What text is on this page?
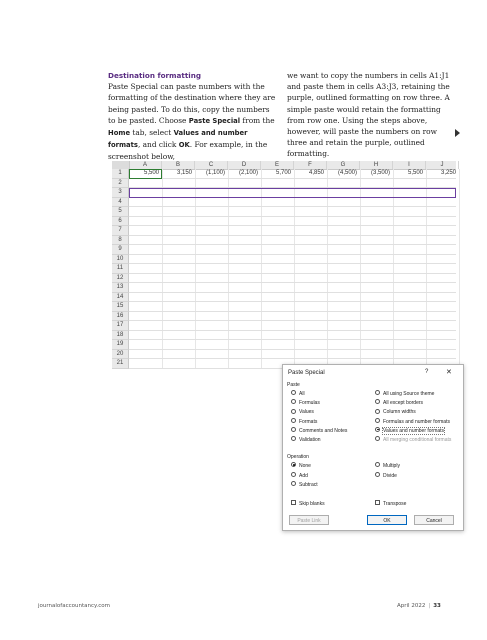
Destination formatting

Paste Special can paste numbers with the formatting of the destination where they are being pasted. To do this, copy the numbers to be pasted. Choose Paste Special from the Home tab, select Values and number formats, and click OK. For example, in the screenshot below,

we want to copy the numbers in cells A1:J1 and paste them in cells A3:J3, retaining the purple, outlined formatting on row three. A simple paste would retain the formatting from row one. Using the steps above, however, will paste the numbers on row three and retain the purple, outlined formatting.

A	B	C	D	E	F	G	H	I	J
1	5,500	3,150	(1,100)	(2,100)	5,700	4,850	(4,500)	(3,500)	5,500	3,250
2
3
4
5
6
7
8
9
10
11
12
13
14
15
16
17
18
19
20
21
Paste Special	?	✕
Paste
All
Formulas
Values
Formats
Comments and Notes
Validation
All using Source theme
All except borders
Column widths
Formulas and number formats
Values and number formats
All merging conditional formats
Operation
None
Add
Subtract
Multiply
Divide
Skip blanks	Transpose
Paste Link	OK	Cancel
journalofaccountancy.com	April 2022 | 33
